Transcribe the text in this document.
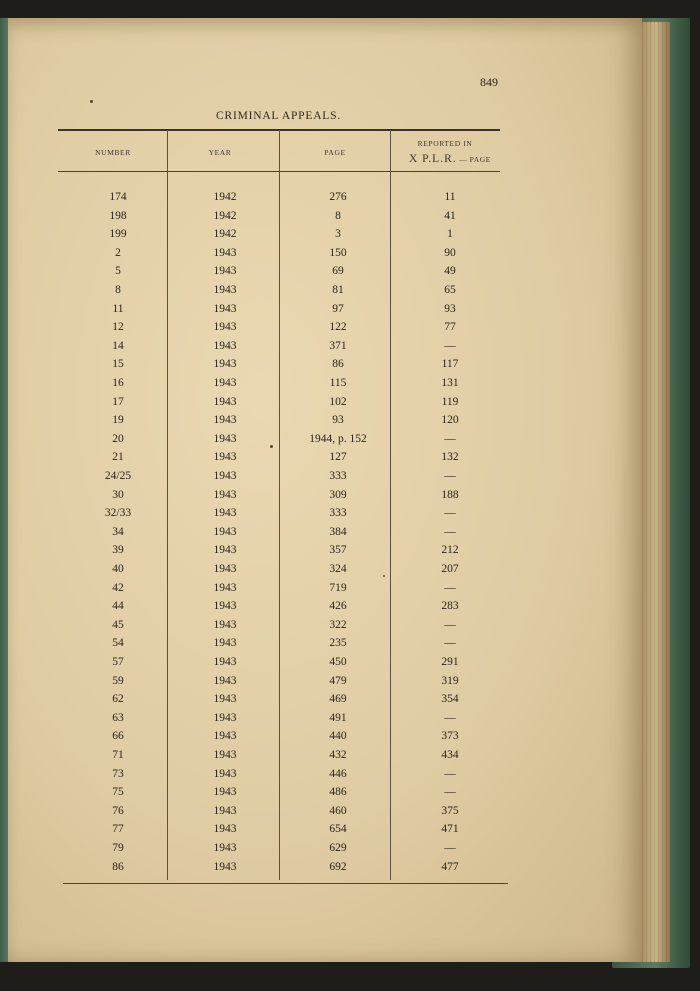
849
CRIMINAL APPEALS.
NUMBER	YEAR	PAGE
REPORTED IN
X P.L.R. — PAGE
174	1942	276	11
198	1942	8	41
199	1942	3	1
2	1943	150	90
5	1943	69	49
8	1943	81	65
11	1943	97	93
12	1943	122	77
14	1943	371	—
15	1943	86	117
16	1943	115	131
17	1943	102	119
19	1943	93	120
20	1943	1944, p. 152	—
21	1943	127	132
24/25	1943	333	—
30	1943	309	188
32/33	1943	333	—
34	1943	384	—
39	1943	357	212
40	1943	324	207
42	1943	719	—
44	1943	426	283
45	1943	322	—
54	1943	235	—
57	1943	450	291
59	1943	479	319
62	1943	469	354
63	1943	491	—
66	1943	440	373
71	1943	432	434
73	1943	446	—
75	1943	486	—
76	1943	460	375
77	1943	654	471
79	1943	629	—
86	1943	692	477
